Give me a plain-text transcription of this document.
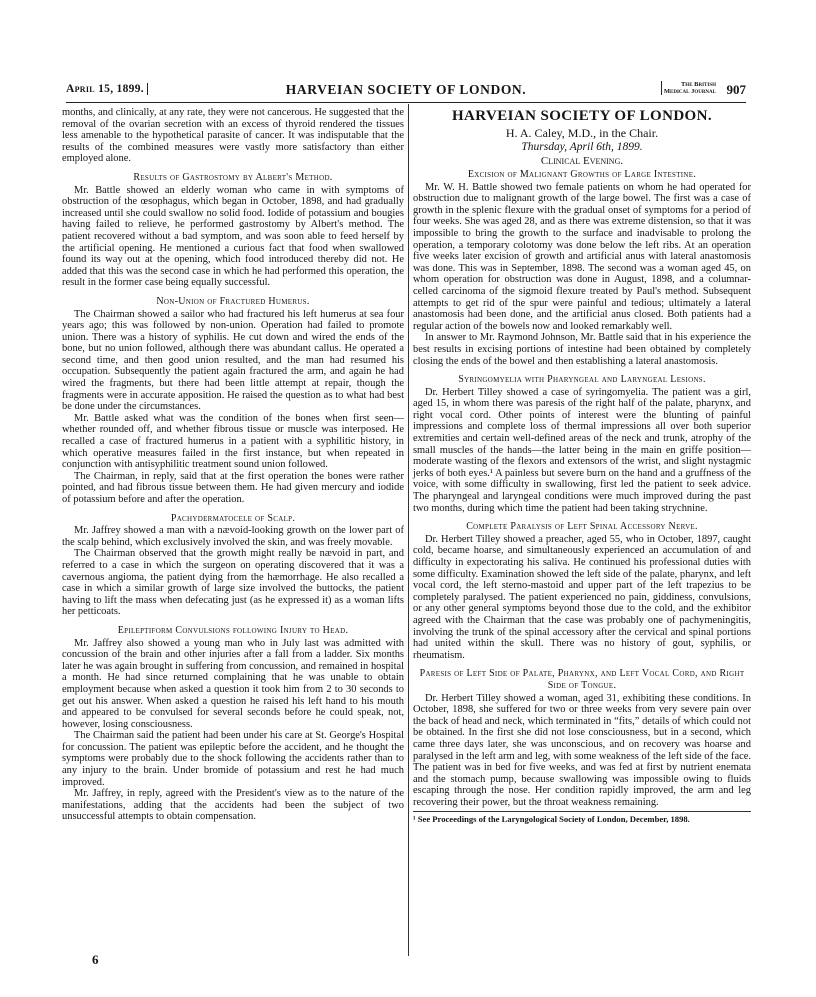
April 15, 1899.	HARVEIAN SOCIETY OF LONDON.	The British
Medical Journal 907

months, and clinically, at any rate, they were not cancerous. He suggested that the removal of the ovarian secretion with an excess of thyroid rendered the tissues less amenable to the hypothetical parasite of cancer. It was indisputable that the results of the combined measures were vastly more satisfactory than either employed alone.

Results of Gastrostomy by Albert's Method.

Mr. Battle showed an elderly woman who came in with symptoms of obstruction of the œsophagus, which began in October, 1898, and had gradually increased until she could swallow no solid food. Iodide of potassium and bougies having failed to relieve, he performed gastrostomy by Albert's method. The patient recovered without a bad symptom, and was soon able to feed herself by the artificial opening. He mentioned a curious fact that food when swallowed found its way out at the opening, which food introduced thereby did not. He added that this was the second case in which he had performed this operation, the result in the former case being equally successful.

Non-Union of Fractured Humerus.

The Chairman showed a sailor who had fractured his left humerus at sea four years ago; this was followed by non-union. Operation had failed to promote union. There was a history of syphilis. He cut down and wired the ends of the bone, but no union followed, although there was abundant callus. He operated a second time, and then good union resulted, and the man had resumed his occupation. Subsequently the patient again fractured the arm, and again he had wired the fragments, but there had been little attempt at repair, though the fragments were in accurate apposition. He raised the question as to what had best be done under the circumstances.

Mr. Battle asked what was the condition of the bones when first seen—whether rounded off, and whether fibrous tissue or muscle was interposed. He recalled a case of fractured humerus in a patient with a syphilitic history, in which operative measures failed in the first instance, but when repeated in conjunction with antisyphilitic treatment sound union followed.

The Chairman, in reply, said that at the first operation the bones were rather pointed, and had fibrous tissue between them. He had given mercury and iodide of potassium before and after the operation.

Pachydermatocele of Scalp.

Mr. Jaffrey showed a man with a nævoid-looking growth on the lower part of the scalp behind, which exclusively involved the skin, and was freely movable.

The Chairman observed that the growth might really be nævoid in part, and referred to a case in which the surgeon on operating discovered that it was a cavernous angioma, the patient dying from the hæmorrhage. He also recalled a case in which a similar growth of large size involved the buttocks, the patient having to lift the mass when defecating just (as he expressed it) as a woman lifts her petticoats.

Epileptiform Convulsions following Injury to Head.

Mr. Jaffrey also showed a young man who in July last was admitted with concussion of the brain and other injuries after a fall from a ladder. Six months later he was again brought in suffering from concussion, and remained in hospital a month. He had since returned complaining that he was unable to obtain employment because when asked a question it took him from 2 to 30 seconds to get out his answer. When asked a question he raised his left hand to his mouth and appeared to be convulsed for several seconds before he could speak, not, however, losing consciousness.

The Chairman said the patient had been under his care at St. George's Hospital for concussion. The patient was epileptic before the accident, and he thought the symptoms were probably due to the shock following the accidents rather than to any injury to the brain. Under bromide of potassium and rest he had much improved.

Mr. Jaffrey, in reply, agreed with the President's view as to the nature of the manifestations, adding that the accidents had been the subject of two unsuccessful attempts to obtain compensation.

HARVEIAN SOCIETY OF LONDON.
H. A. Caley, M.D., in the Chair.
Thursday, April 6th, 1899.
Clinical Evening.
Excision of Malignant Growths of Large Intestine.

Mr. W. H. Battle showed two female patients on whom he had operated for obstruction due to malignant growth of the large bowel. The first was a case of growth in the splenic flexure with the gradual onset of symptoms for a period of four weeks. She was aged 28, and as there was extreme distension, so that it was impossible to bring the growth to the surface and inadvisable to prolong the operation, a temporary colotomy was done below the left ribs. At an operation five weeks later excision of growth and artificial anus with lateral anastomosis was done. This was in September, 1898. The second was a woman aged 45, on whom operation for obstruction was done in August, 1898, and a columnar-celled carcinoma of the sigmoid flexure treated by Paul's method. Subsequent attempts to get rid of the spur were painful and tedious; ultimately a lateral anastomosis had been done, and the artificial anus closed. Both patients had a regular action of the bowels now and looked remarkably well.

In answer to Mr. Raymond Johnson, Mr. Battle said that in his experience the best results in excising portions of intestine had been obtained by completely closing the ends of the bowel and then establishing a lateral anastomosis.

Syringomyelia with Pharyngeal and Laryngeal Lesions.

Dr. Herbert Tilley showed a case of syringomyelia. The patient was a girl, aged 15, in whom there was paresis of the right half of the palate, pharynx, and right vocal cord. Other points of interest were the blunting of painful impressions and complete loss of thermal impressions all over both superior extremities and certain well-defined areas of the neck and trunk, atrophy of the small muscles of the hands—the latter being in the main en griffe position—moderate wasting of the flexors and extensors of the wrist, and slight nystagmic jerks of both eyes.¹ A painless but severe burn on the hand and a gruffness of the voice, with some difficulty in swallowing, first led the patient to seek advice. The pharyngeal and laryngeal conditions were much improved during the past two months, during which time the patient had been taking strychnine.

Complete Paralysis of Left Spinal Accessory Nerve.

Dr. Herbert Tilley showed a preacher, aged 55, who in October, 1897, caught cold, became hoarse, and simultaneously experienced an accumulation of and difficulty in expectorating his saliva. He continued his professional duties with some difficulty. Examination showed the left side of the palate, pharynx, and left vocal cord, the left sterno-mastoid and upper part of the left trapezius to be completely paralysed. The patient experienced no pain, giddiness, convulsions, or any other general symptoms beyond those due to the cold, and the exhibitor agreed with the Chairman that the case was probably one of pachymeningitis, involving the trunk of the spinal accessory after the cervical and spinal portions had united within the skull. There was no history of gout, syphilis, or rheumatism.

Paresis of Left Side of Palate, Pharynx, and Left Vocal Cord, and Right Side of Tongue.

Dr. Herbert Tilley showed a woman, aged 31, exhibiting these conditions. In October, 1898, she suffered for two or three weeks from very severe pain over the back of head and neck, which terminated in “fits,” details of which could not be obtained. In the first she did not lose consciousness, but in a second, which came three days later, she was unconscious, and on recovery was hoarse and paralysed in the left arm and leg, with some weakness of the left side of the face. The patient was in bed for five weeks, and was fed at first by nutrient enemata and the stomach pump, because swallowing was impossible owing to fluids escaping through the nose. Her condition rapidly improved, the arm and leg recovering their power, but the throat weakness remaining.

¹ See Proceedings of the Laryngological Society of London, December, 1898.

6
